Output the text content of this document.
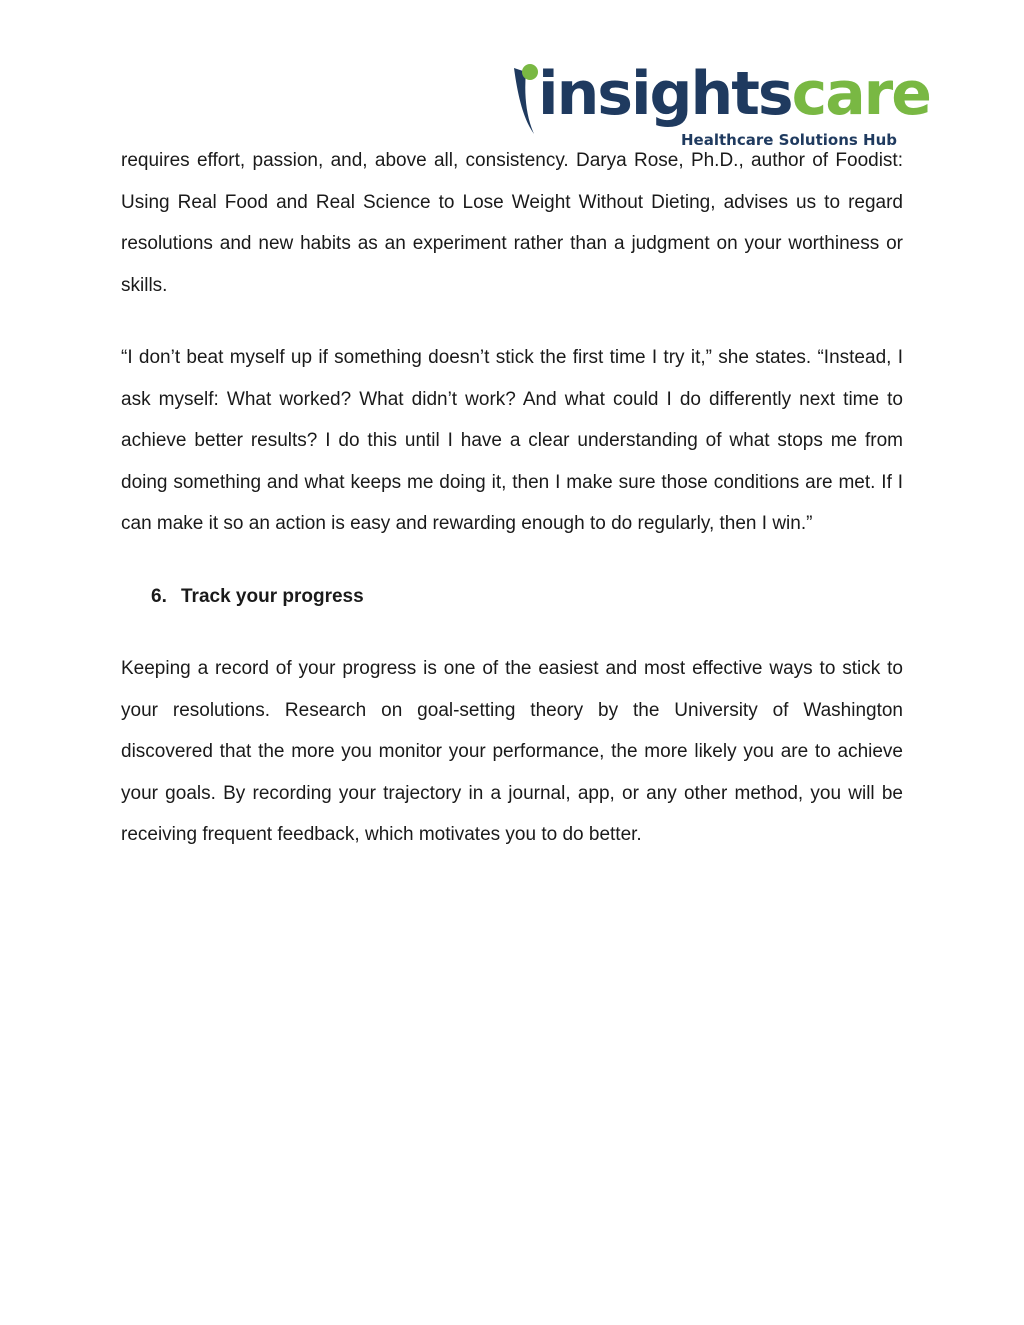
insightscare
Healthcare Solutions Hub

requires effort, passion, and, above all, consistency. Darya Rose, Ph.D., author of Foodist: Using Real Food and Real Science to Lose Weight Without Dieting, advises us to regard resolutions and new habits as an experiment rather than a judgment on your worthiness or skills.

“I don’t beat myself up if something doesn’t stick the first time I try it,” she states. “Instead, I ask myself: What worked? What didn’t work? And what could I do differently next time to achieve better results? I do this until I have a clear understanding of what stops me from doing something and what keeps me doing it, then I make sure those conditions are met. If I can make it so an action is easy and rewarding enough to do regularly, then I win.”

6. Track your progress

Keeping a record of your progress is one of the easiest and most effective ways to stick to your resolutions. Research on goal-setting theory by the University of Washington discovered that the more you monitor your performance, the more likely you are to achieve your goals. By recording your trajectory in a journal, app, or any other method, you will be receiving frequent feedback, which motivates you to do better.
